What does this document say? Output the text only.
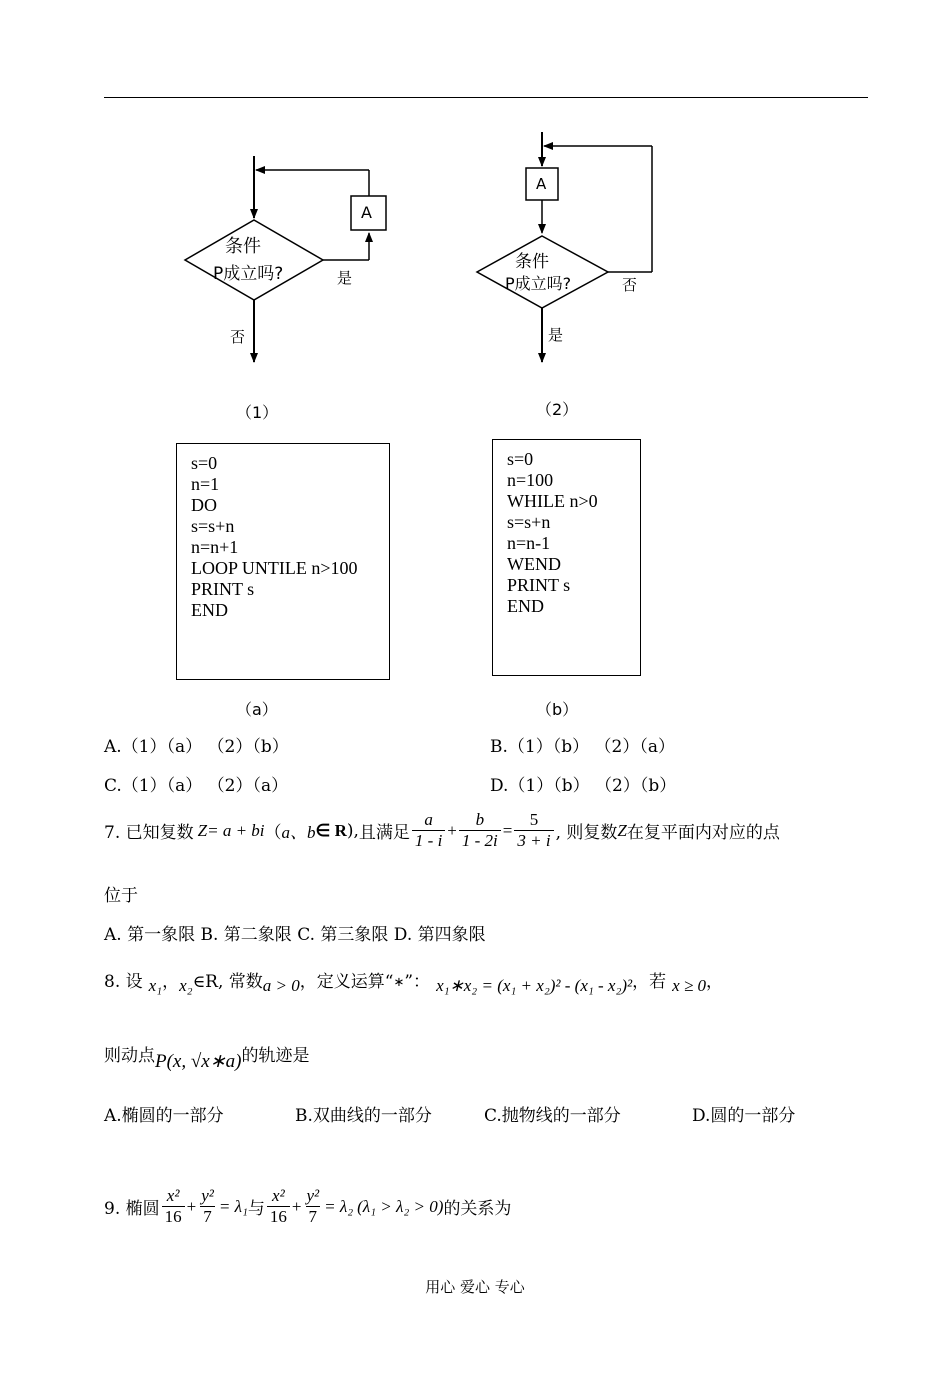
条件
P成立吗?
A
是
否
（1）
条件
P成立吗?
A
否
是
（2）
s=0
n=1
DO
s=s+n
n=n+1
LOOP UNTILE n>100
PRINT s
END
（a）
s=0
n=100
WHILE n>0
s=s+n
n=n-1
WEND
PRINT s
END
（b）
A.（1）（a） （2）（b）	B.（1）（b） （2）（a）
C.（1）（a） （2）（a）	D.（1）（b） （2）（b）
7. 已知复数 Z = a + bi （ a、b ∈ R ), 且满足 $\frac{a}{1 - i} + \frac{b}{1 - 2i} = \frac{5}{3 + i}$ , 则复数 Z 在复平面内对应的点
位于
A. 第一象限 B. 第二象限 C. 第三象限 D. 第四象限
8. 设 x₁ ， x₂ ∈R, 常数 a > 0 ，定义运算“ ∗ ”： x₁∗x₂ = (x₁ + x₂)² - (x₁ - x₂)² ，若 x ≥ 0 ，
则动点 P(x, √x∗a) 的轨迹是
A.椭圆的一部分	B.双曲线的一部分	C.抛物线的一部分	D.圆的一部分
9. 椭圆 $\frac{\text{x²}}{16} + \frac{\text{y²}}{7} = \lambda_1$ 与 $\frac{\text{x²}}{16} + \frac{\text{y²}}{7} = \lambda_2$ (λ₁ > λ₂ > 0) 的关系为
用心 爱心 专心
